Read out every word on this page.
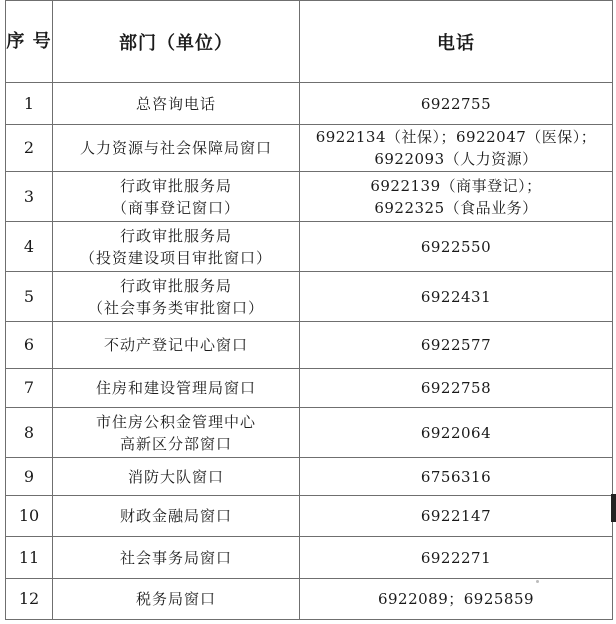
序 号	部门（单位）	电话
1	总咨询电话	6922755

2	人力资源与社会保障局窗口	6922134（社保）；6922047（医保）；
6922093（人力资源）

3	行政审批服务局
（商事登记窗口）	6922139（商事登记）；
6922325（食品业务）

4	行政审批服务局
（投资建设项目审批窗口）	6922550

5	行政审批服务局
（社会事务类审批窗口）	6922431

6	不动产登记中心窗口	6922577

7	住房和建设管理局窗口	6922758

8	市住房公积金管理中心
高新区分部窗口	6922064

9	消防大队窗口	6756316

10	财政金融局窗口	6922147

11	社会事务局窗口	6922271

12	税务局窗口	6922089；6925859
